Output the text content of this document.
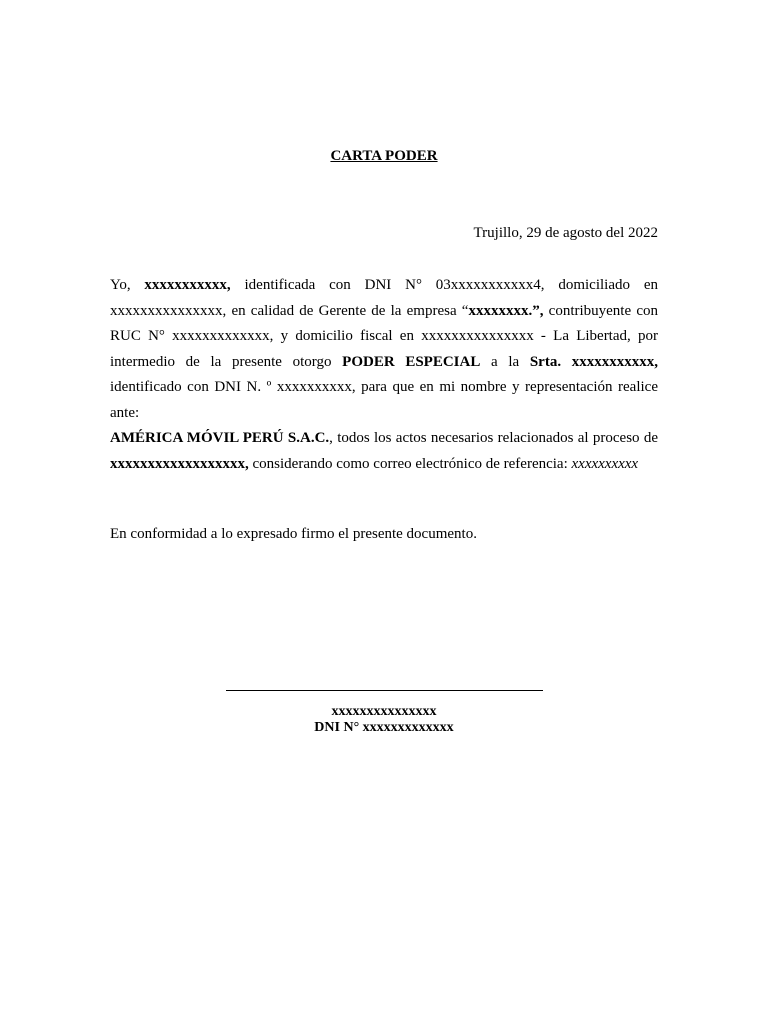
CARTA PODER
Trujillo, 29 de agosto del 2022

Yo, xxxxxxxxxxx, identificada con DNI N° 03xxxxxxxxxxx4, domiciliado en xxxxxxxxxxxxxxx, en calidad de Gerente de la empresa “xxxxxxxx.”, contribuyente con RUC N° xxxxxxxxxxxxx, y domicilio fiscal en xxxxxxxxxxxxxxx - La Libertad, por intermedio de la presente otorgo PODER ESPECIAL a la Srta. xxxxxxxxxxx, identificado con DNI N. º xxxxxxxxxx, para que en mi nombre y representación realice ante:

AMÉRICA MÓVIL PERÚ S.A.C., todos los actos necesarios relacionados al proceso de xxxxxxxxxxxxxxxxxx, considerando como correo electrónico de referencia: xxxxxxxxxx

En conformidad a lo expresado firmo el presente documento.
xxxxxxxxxxxxxxx
DNI N° xxxxxxxxxxxxx
